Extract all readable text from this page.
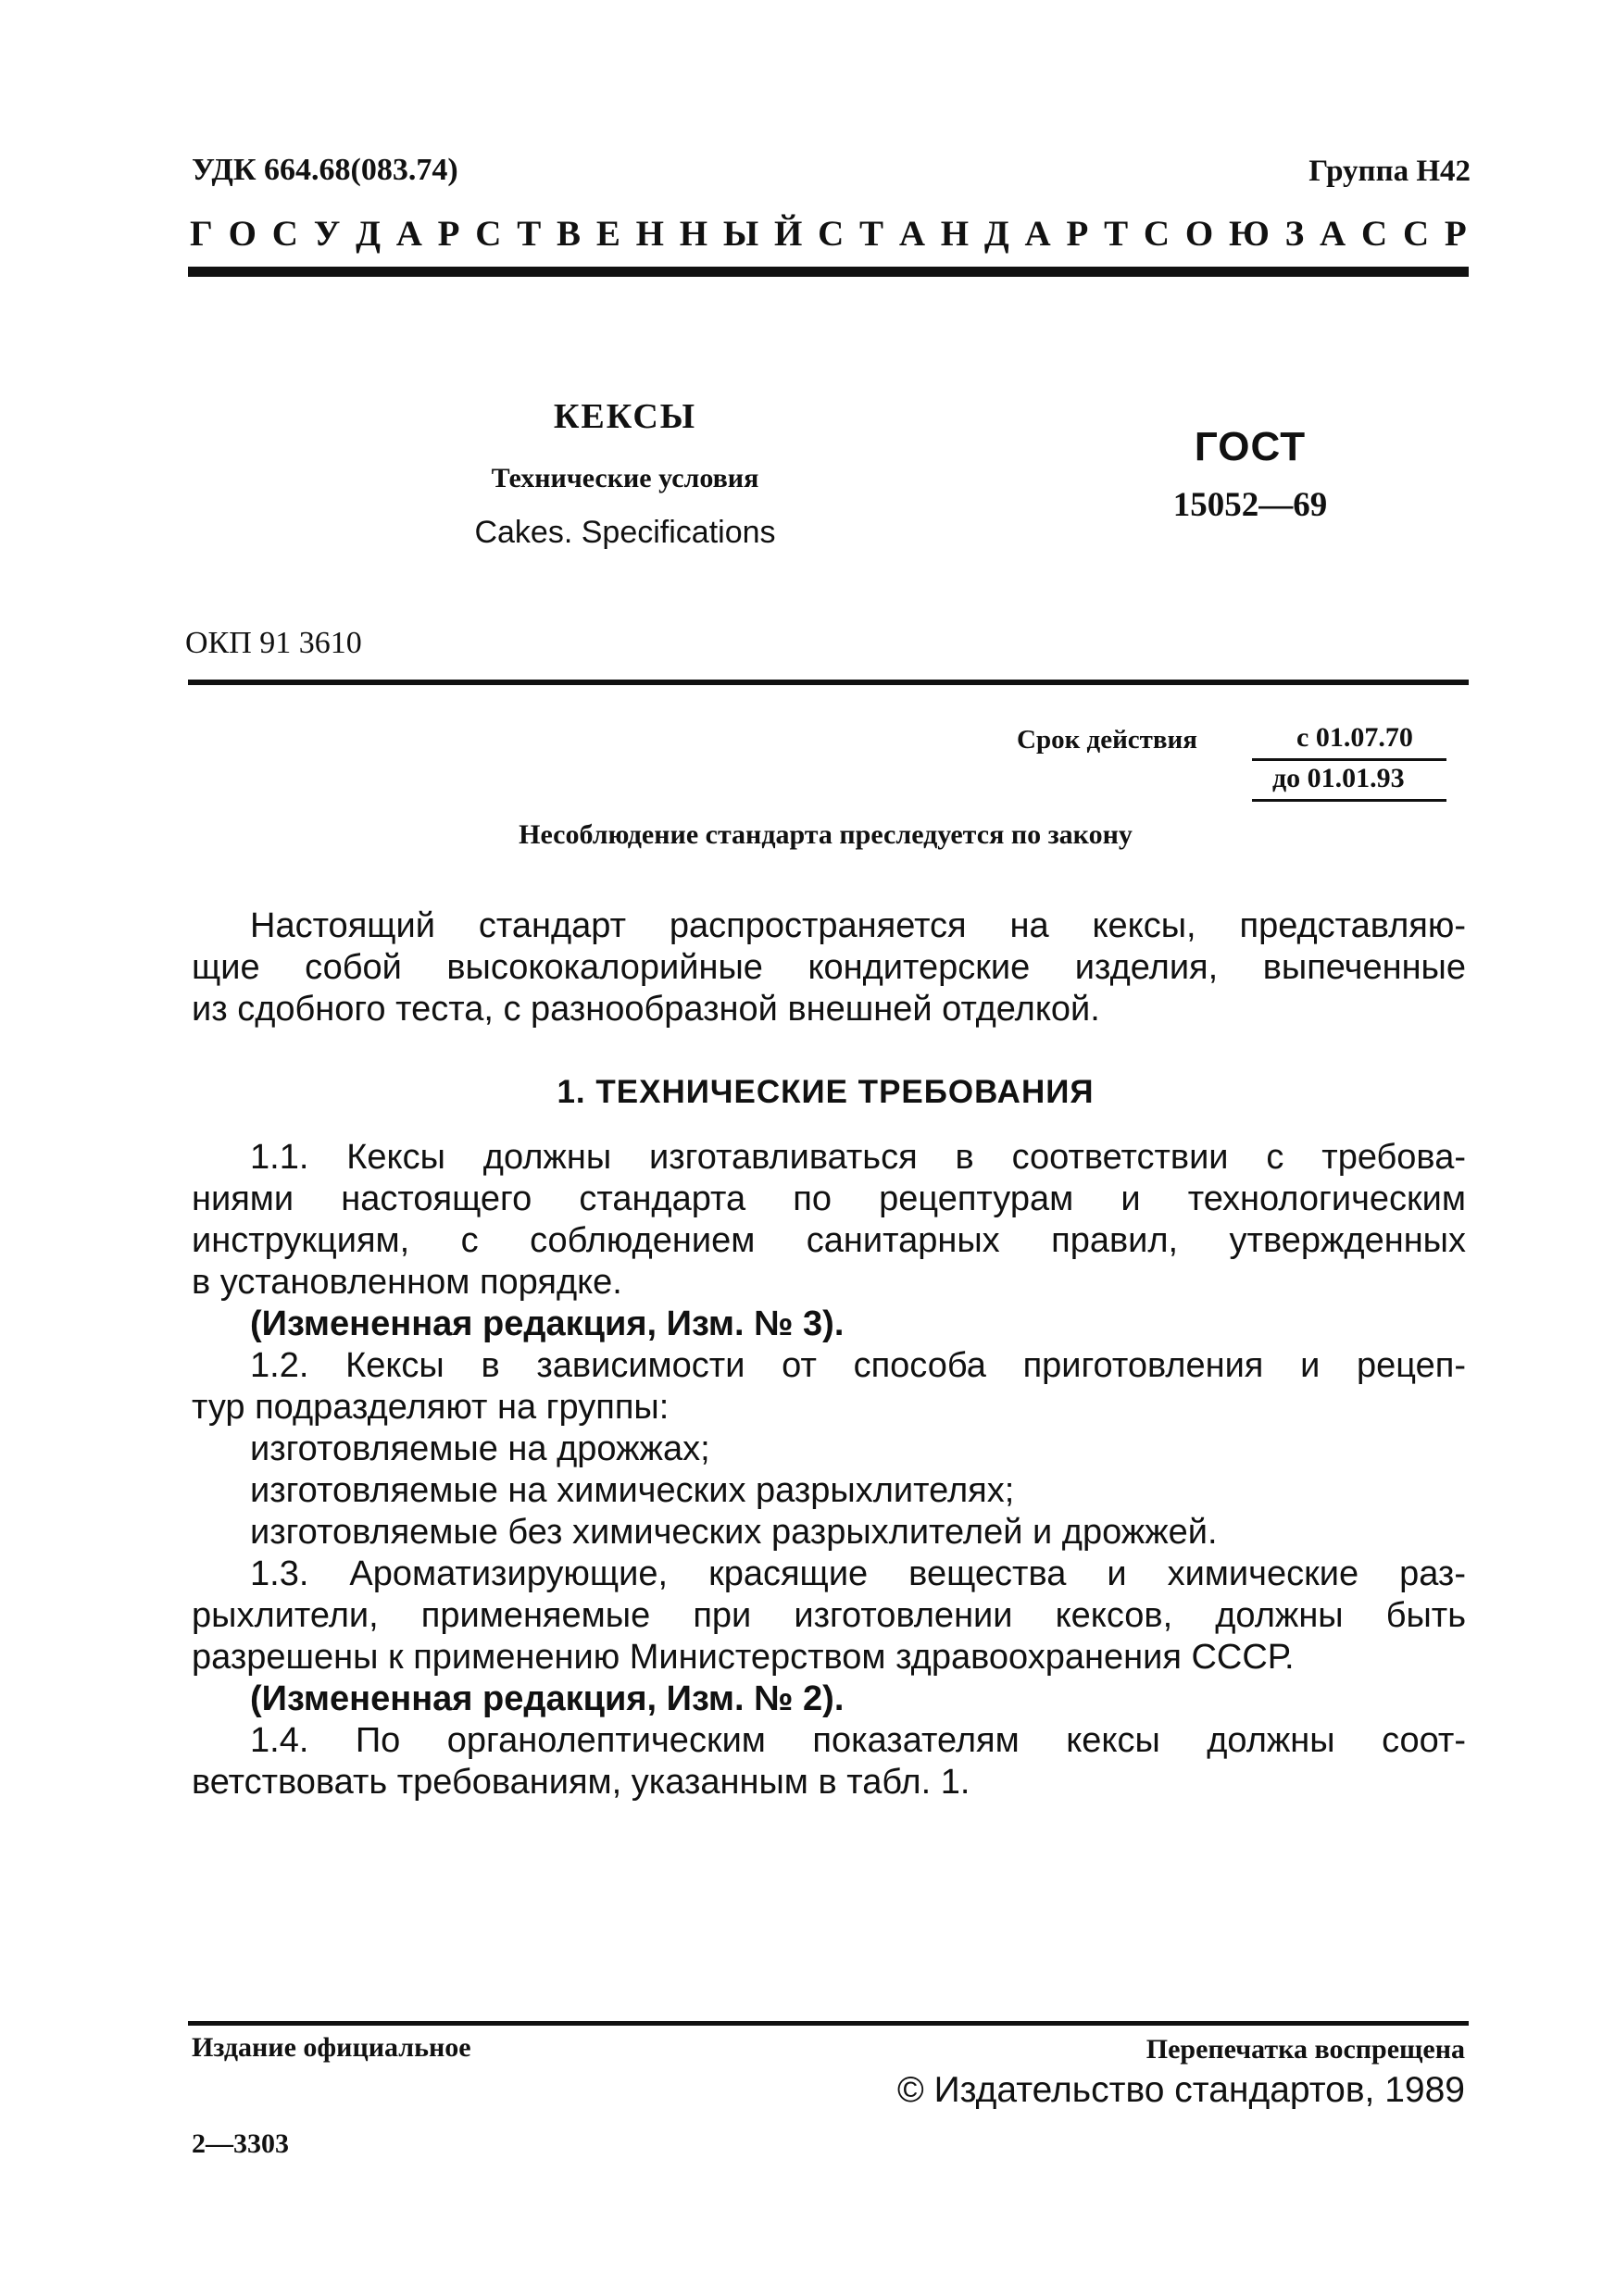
УДК 664.68(083.74)	Группа Н42
Г О С У Д А Р С Т В Е Н Н Ы Й С Т А Н Д А Р Т С О Ю З А С С Р
КЕКСЫ
Технические условия
Cakes. Specifications
ГОСТ
15052—69
ОКП 91 3610
Срок действия	с 01.07.70
до 01.01.93
Несоблюдение стандарта преследуется по закону
Настоящий стандарт распространяется на кексы, представляю-
щие собой высококалорийные кондитерские изделия, выпеченные
из сдобного теста, с разнообразной внешней отделкой.
1. ТЕХНИЧЕСКИЕ ТРЕБОВАНИЯ
1.1. Кексы должны изготавливаться в соответствии с требова-
ниями настоящего стандарта по рецептурам и технологическим
инструкциям, с соблюдением санитарных правил, утвержденных
в установленном порядке.
(Измененная редакция, Изм. № 3).
1.2. Кексы в зависимости от способа приготовления и рецеп-
тур подразделяют на группы:
изготовляемые на дрожжах;
изготовляемые на химических разрыхлителях;
изготовляемые без химических разрыхлителей и дрожжей.
1.3. Ароматизирующие, красящие вещества и химические раз-
рыхлители, применяемые при изготовлении кексов, должны быть
разрешены к применению Министерством здравоохранения СССР.
(Измененная редакция, Изм. № 2).
1.4. По органолептическим показателям кексы должны соот-
ветствовать требованиям, указанным в табл. 1.
Издание официальное	Перепечатка воспрещена
© Издательство стандартов, 1989
2—3303
